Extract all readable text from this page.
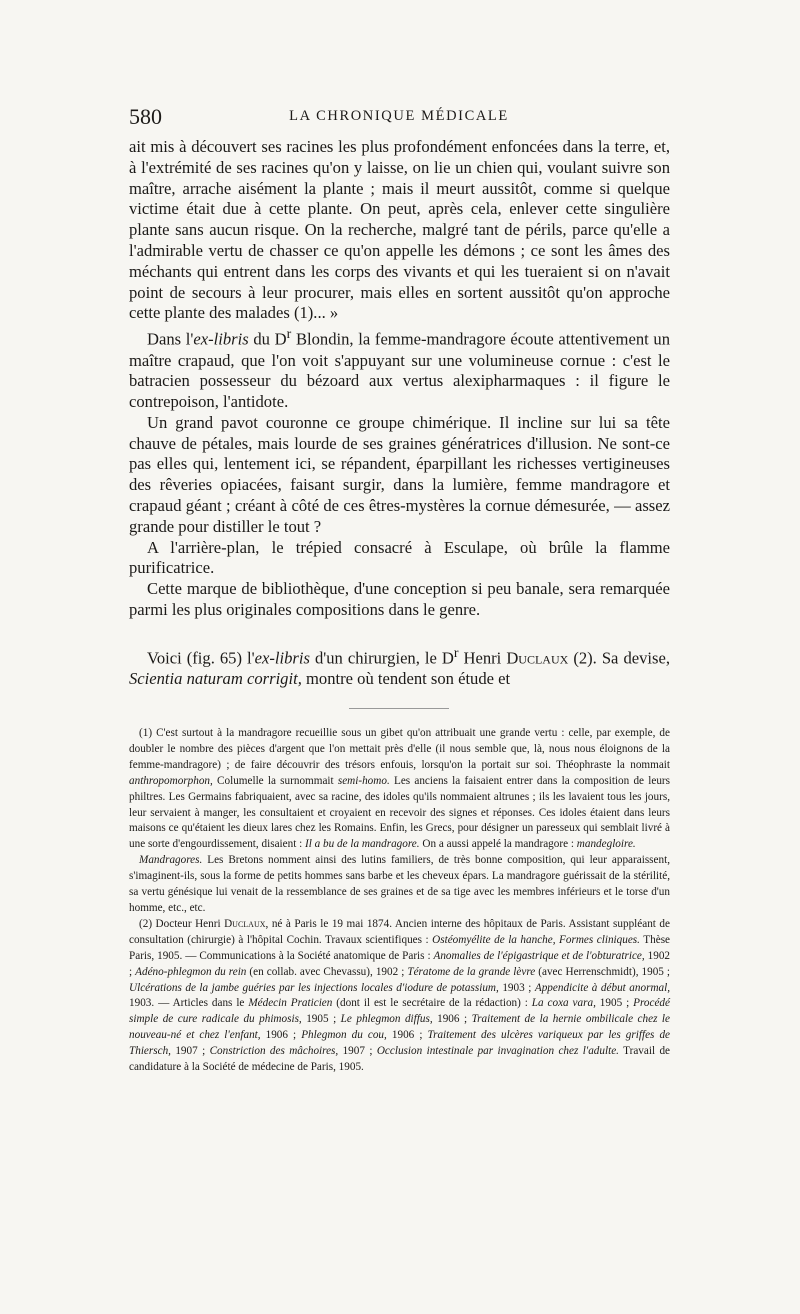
580	LA CHRONIQUE MÉDICALE

ait mis à découvert ses racines les plus profondément enfoncées dans la terre, et, à l'extrémité de ses racines qu'on y laisse, on lie un chien qui, voulant suivre son maître, arrache aisément la plante ; mais il meurt aussitôt, comme si quelque victime était due à cette plante. On peut, après cela, enlever cette singulière plante sans aucun risque. On la recherche, malgré tant de périls, parce qu'elle a l'admirable vertu de chasser ce qu'on appelle les démons ; ce sont les âmes des méchants qui entrent dans les corps des vivants et qui les tueraient si on n'avait point de secours à leur procurer, mais elles en sortent aussitôt qu'on approche cette plante des malades (1)... »

Dans l'ex-libris du $D^r$ Blondin, la femme-mandragore écoute attentivement un maître crapaud, que l'on voit s'appuyant sur une volumineuse cornue : c'est le batracien possesseur du bézoard aux vertus alexipharmaques : il figure le contrepoison, l'antidote.

Un grand pavot couronne ce groupe chimérique. Il incline sur lui sa tête chauve de pétales, mais lourde de ses graines génératrices d'illusion. Ne sont-ce pas elles qui, lentement ici, se répandent, éparpillant les richesses vertigineuses des rêveries opiacées, faisant surgir, dans la lumière, femme mandragore et crapaud géant ; créant à côté de ces êtres-mystères la cornue démesurée, — assez grande pour distiller le tout ?

A l'arrière-plan, le trépied consacré à Esculape, où brûle la flamme purificatrice.

Cette marque de bibliothèque, d'une conception si peu banale, sera remarquée parmi les plus originales compositions dans le genre.

Voici (fig. 65) l'ex-libris d'un chirurgien, le $D^r$ Henri Duclaux (2). Sa devise, Scientia naturam corrigit, montre où tendent son étude et

(1) C'est surtout à la mandragore recueillie sous un gibet qu'on attribuait une grande vertu : celle, par exemple, de doubler le nombre des pièces d'argent que l'on mettait près d'elle (il nous semble que, là, nous nous éloignons de la femme-mandragore) ; de faire découvrir des trésors enfouis, lorsqu'on la portait sur soi. Théophraste la nommait anthropomorphon, Columelle la surnommait semi-homo. Les anciens la faisaient entrer dans la composition de leurs philtres. Les Germains fabriquaient, avec sa racine, des idoles qu'ils nommaient altrunes ; ils les lavaient tous les jours, leur servaient à manger, les consultaient et croyaient en recevoir des signes et réponses. Ces idoles étaient dans leurs maisons ce qu'étaient les dieux lares chez les Romains. Enfin, les Grecs, pour désigner un paresseux qui semblait livré à une sorte d'engourdissement, disaient : Il a bu de la mandragore. On a aussi appelé la mandragore : mandegloire.

Mandragores. Les Bretons nomment ainsi des lutins familiers, de très bonne composition, qui leur apparaissent, s'imaginent-ils, sous la forme de petits hommes sans barbe et les cheveux épars. La mandragore guérissait de la stérilité, sa vertu génésique lui venait de la ressemblance de ses graines et de sa tige avec les membres inférieurs et le torse d'un homme, etc., etc.

(2) Docteur Henri Duclaux, né à Paris le 19 mai 1874. Ancien interne des hôpitaux de Paris. Assistant suppléant de consultation (chirurgie) à l'hôpital Cochin. Travaux scientifiques : Ostéomyélite de la hanche, Formes cliniques. Thèse Paris, 1905. — Communications à la Société anatomique de Paris : Anomalies de l'épigastrique et de l'obturatrice, 1902 ; Adéno-phlegmon du rein (en collab. avec Chevassu), 1902 ; Tératome de la grande lèvre (avec Herrenschmidt), 1905 ; Ulcérations de la jambe guéries par les injections locales d'iodure de potassium, 1903 ; Appendicite à début anormal, 1903. — Articles dans le Médecin Praticien (dont il est le secrétaire de la rédaction) : La coxa vara, 1905 ; Procédé simple de cure radicale du phimosis, 1905 ; Le phlegmon diffus, 1906 ; Traitement de la hernie ombilicale chez le nouveau-né et chez l'enfant, 1906 ; Phlegmon du cou, 1906 ; Traitement des ulcères variqueux par les griffes de Thiersch, 1907 ; Constriction des mâchoires, 1907 ; Occlusion intestinale par invagination chez l'adulte. Travail de candidature à la Société de médecine de Paris, 1905.
